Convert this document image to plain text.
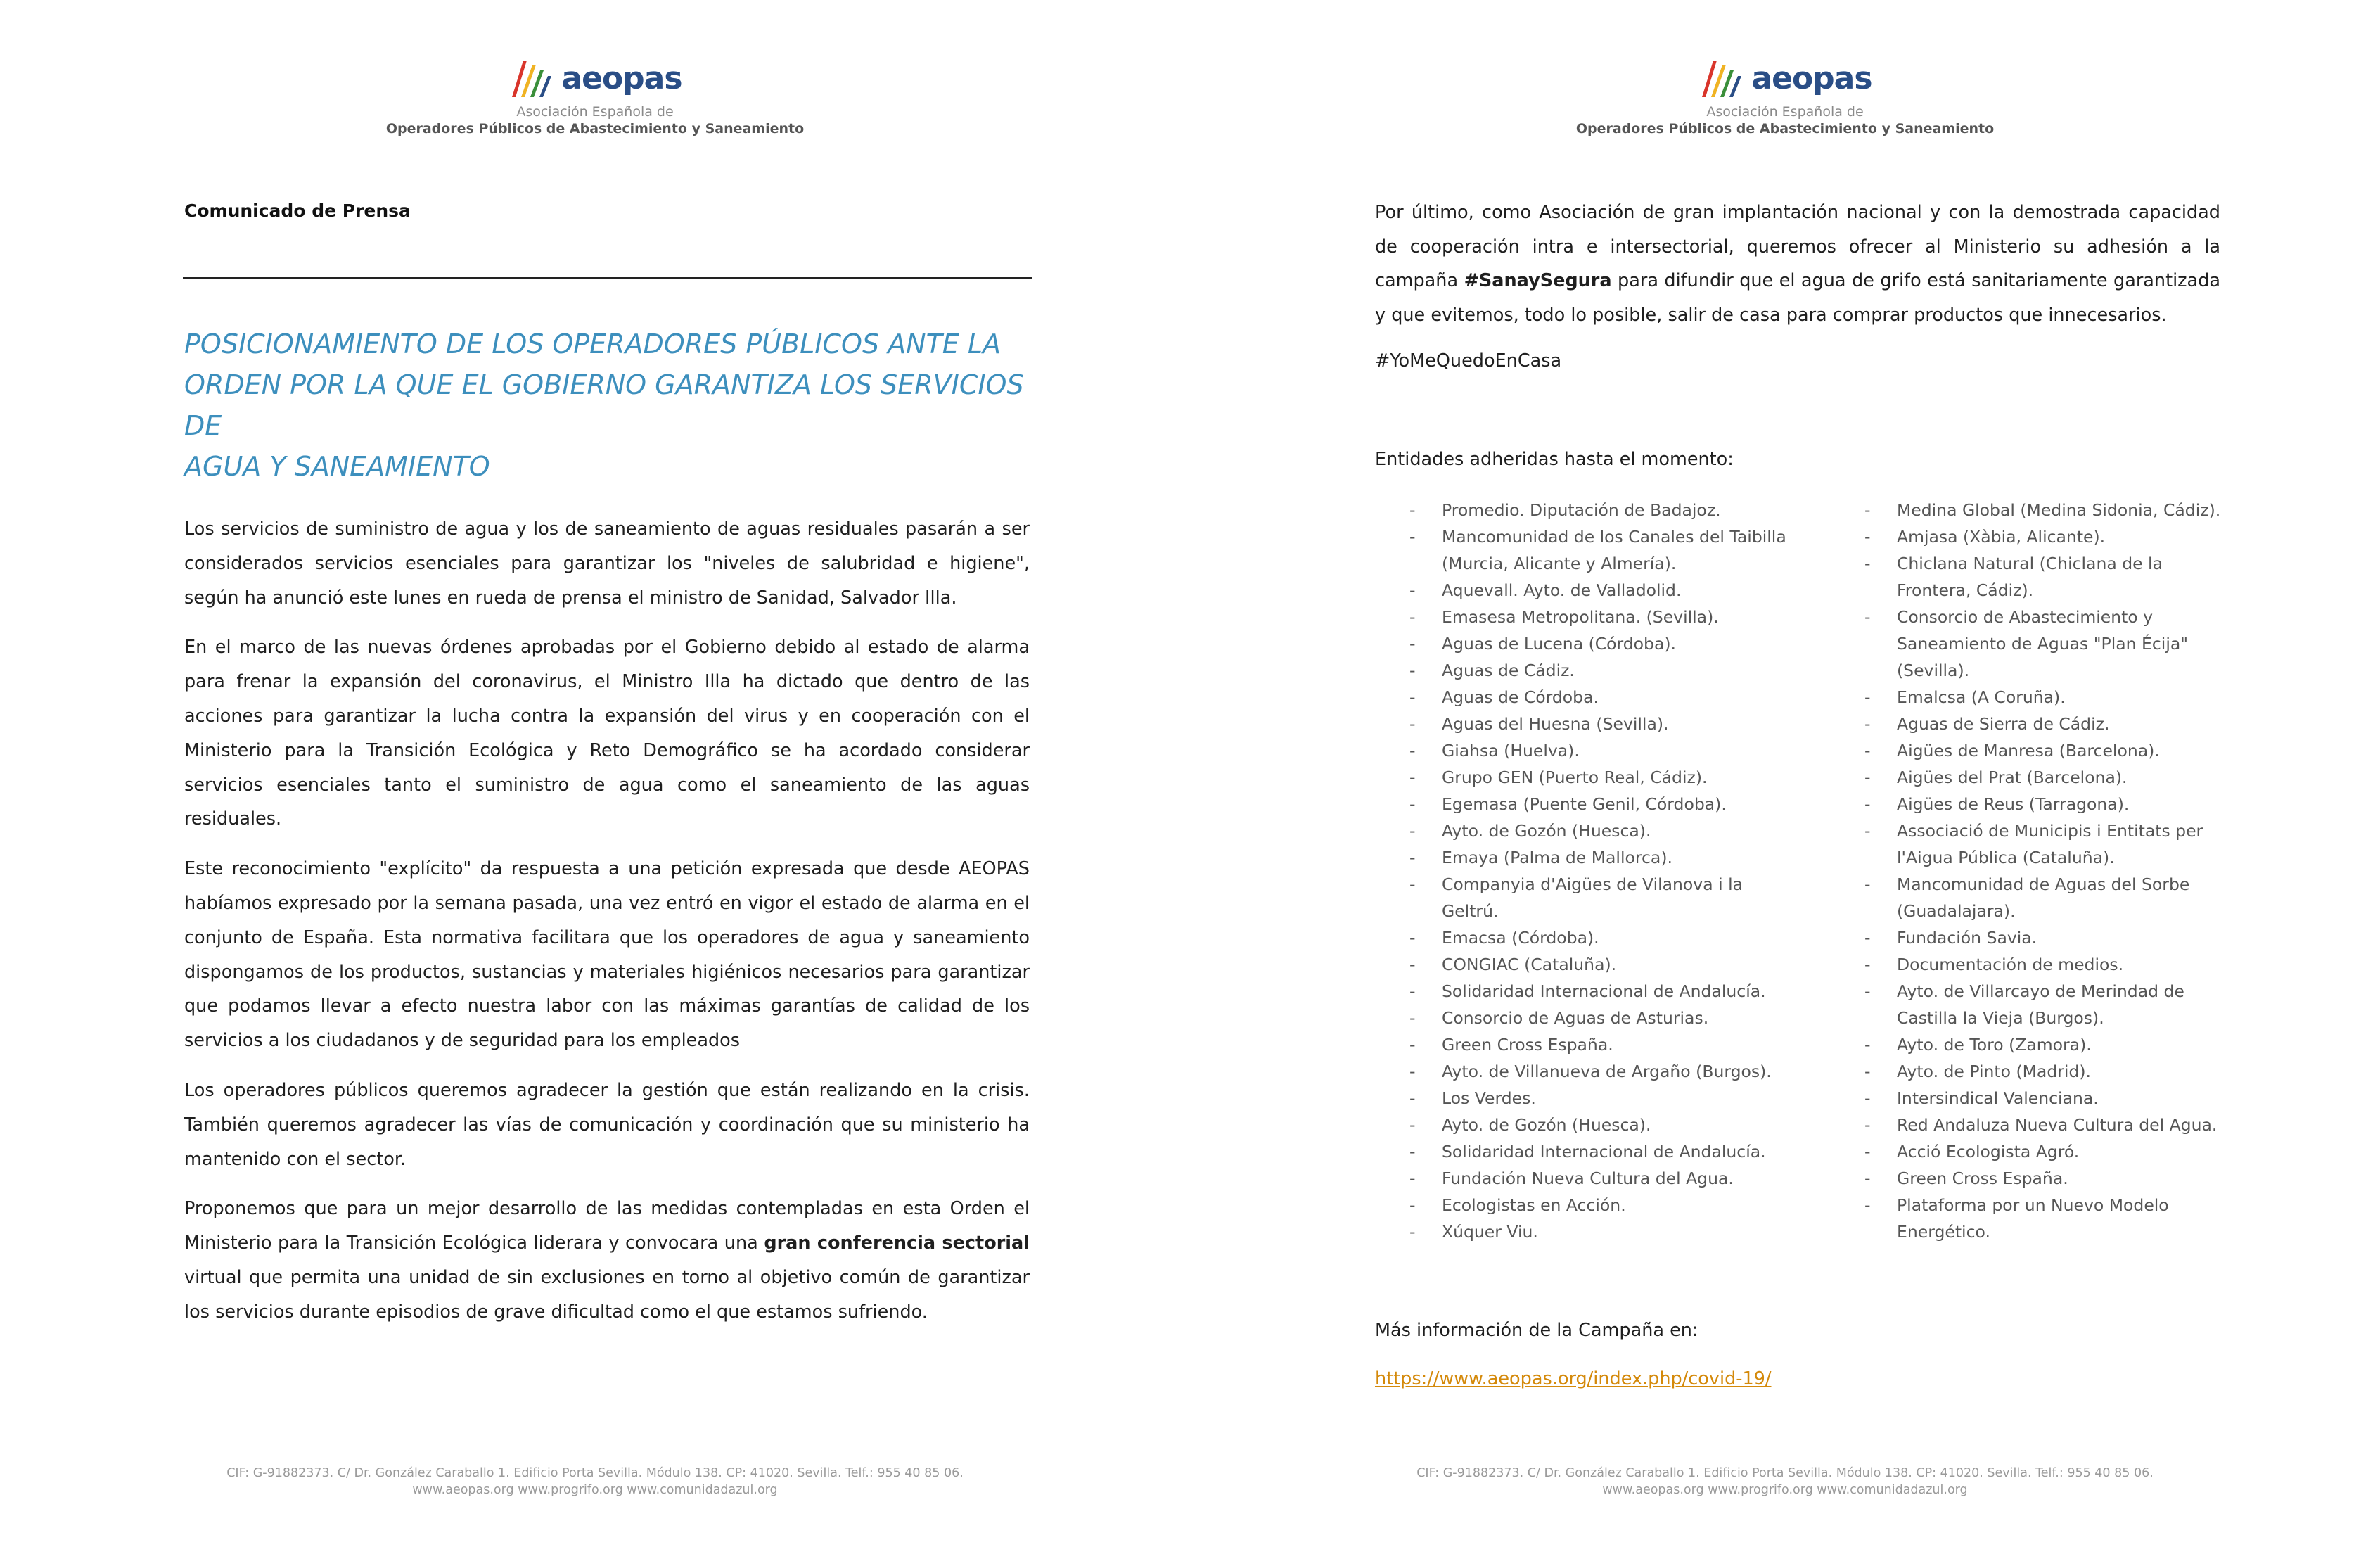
aeopas
Asociación Española de
Operadores Públicos de Abastecimiento y Saneamiento
Comunicado de Prensa
POSICIONAMIENTO DE LOS OPERADORES PÚBLICOS ANTE LA
ORDEN POR LA QUE EL GOBIERNO GARANTIZA LOS SERVICIOS DE
AGUA Y SANEAMIENTO

Los servicios de suministro de agua y los de saneamiento de aguas residuales pasarán a ser considerados servicios esenciales para garantizar los "niveles de salubridad e higiene", según ha anunció este lunes en rueda de prensa el ministro de Sanidad, Salvador Illa.

En el marco de las nuevas órdenes aprobadas por el Gobierno debido al estado de alarma para frenar la expansión del coronavirus, el Ministro Illa ha dictado que dentro de las acciones para garantizar la lucha contra la expansión del virus y en cooperación con el Ministerio para la Transición Ecológica y Reto Demográfico se ha acordado considerar servicios esenciales tanto el suministro de agua como el saneamiento de las aguas residuales.

Este reconocimiento "explícito" da respuesta a una petición expresada que desde AEOPAS habíamos expresado por la semana pasada, una vez entró en vigor el estado de alarma en el conjunto de España. Esta normativa facilitara que los operadores de agua y saneamiento dispongamos de los productos, sustancias y materiales higiénicos necesarios para garantizar que podamos llevar a efecto nuestra labor con las máximas garantías de calidad de los servicios a los ciudadanos y de seguridad para los empleados

Los operadores públicos queremos agradecer la gestión que están realizando en la crisis. También queremos agradecer las vías de comunicación y coordinación que su ministerio ha mantenido con el sector.

Proponemos que para un mejor desarrollo de las medidas contempladas en esta Orden el Ministerio para la Transición Ecológica liderara y convocara una gran conferencia sectorial virtual que permita una unidad de sin exclusiones en torno al objetivo común de garantizar los servicios durante episodios de grave dificultad como el que estamos sufriendo.

CIF: G-91882373. C/ Dr. González Caraballo 1. Edificio Porta Sevilla. Módulo 138. CP: 41020. Sevilla. Telf.: 955 40 85 06.
www.aeopas.org www.progrifo.org www.comunidadazul.org
aeopas
Asociación Española de
Operadores Públicos de Abastecimiento y Saneamiento
CIF: G-91882373. C/ Dr. González Caraballo 1. Edificio Porta Sevilla. Módulo 138. CP: 41020. Sevilla. Telf.: 955 40 85 06.
www.aeopas.org www.progrifo.org www.comunidadazul.org
Por último, como Asociación de gran implantación nacional y con la demostrada capacidad de cooperación intra e intersectorial, queremos ofrecer al Ministerio su adhesión a la campaña #SanaySegura para difundir que el agua de grifo está sanitariamente garantizada y que evitemos, todo lo posible, salir de casa para comprar productos que innecesarios.
#YoMeQuedoEnCasa
Entidades adheridas hasta el momento:
- Promedio. Diputación de Badajoz.
- Mancomunidad de los Canales del Taibilla (Murcia, Alicante y Almería).
- Aquevall. Ayto. de Valladolid.
- Emasesa Metropolitana. (Sevilla).
- Aguas de Lucena (Córdoba).
- Aguas de Cádiz.
- Aguas de Córdoba.
- Aguas del Huesna (Sevilla).
- Giahsa (Huelva).
- Grupo GEN (Puerto Real, Cádiz).
- Egemasa (Puente Genil, Córdoba).
- Ayto. de Gozón (Huesca).
- Emaya (Palma de Mallorca).
- Companyia d'Aigües de Vilanova i la Geltrú.
- Emacsa (Córdoba).
- CONGIAC (Cataluña).
- Solidaridad Internacional de Andalucía.
- Consorcio de Aguas de Asturias.
- Green Cross España.
- Ayto. de Villanueva de Argaño (Burgos).
- Los Verdes.
- Ayto. de Gozón (Huesca).
- Solidaridad Internacional de Andalucía.
- Fundación Nueva Cultura del Agua.
- Ecologistas en Acción.
- Xúquer Viu.
- Medina Global (Medina Sidonia, Cádiz).
- Amjasa (Xàbia, Alicante).
- Chiclana Natural (Chiclana de la Frontera, Cádiz).
- Consorcio de Abastecimiento y Saneamiento de Aguas "Plan Écija" (Sevilla).
- Emalcsa (A Coruña).
- Aguas de Sierra de Cádiz.
- Aigües de Manresa (Barcelona).
- Aigües del Prat (Barcelona).
- Aigües de Reus (Tarragona).
- Associació de Municipis i Entitats per l'Aigua Pública (Cataluña).
- Mancomunidad de Aguas del Sorbe (Guadalajara).
- Fundación Savia.
- Documentación de medios.
- Ayto. de Villarcayo de Merindad de Castilla la Vieja (Burgos).
- Ayto. de Toro (Zamora).
- Ayto. de Pinto (Madrid).
- Intersindical Valenciana.
- Red Andaluza Nueva Cultura del Agua.
- Acció Ecologista Agró.
- Green Cross España.
- Plataforma por un Nuevo Modelo Energético.
Más información de la Campaña en:
https://www.aeopas.org/index.php/covid-19/
